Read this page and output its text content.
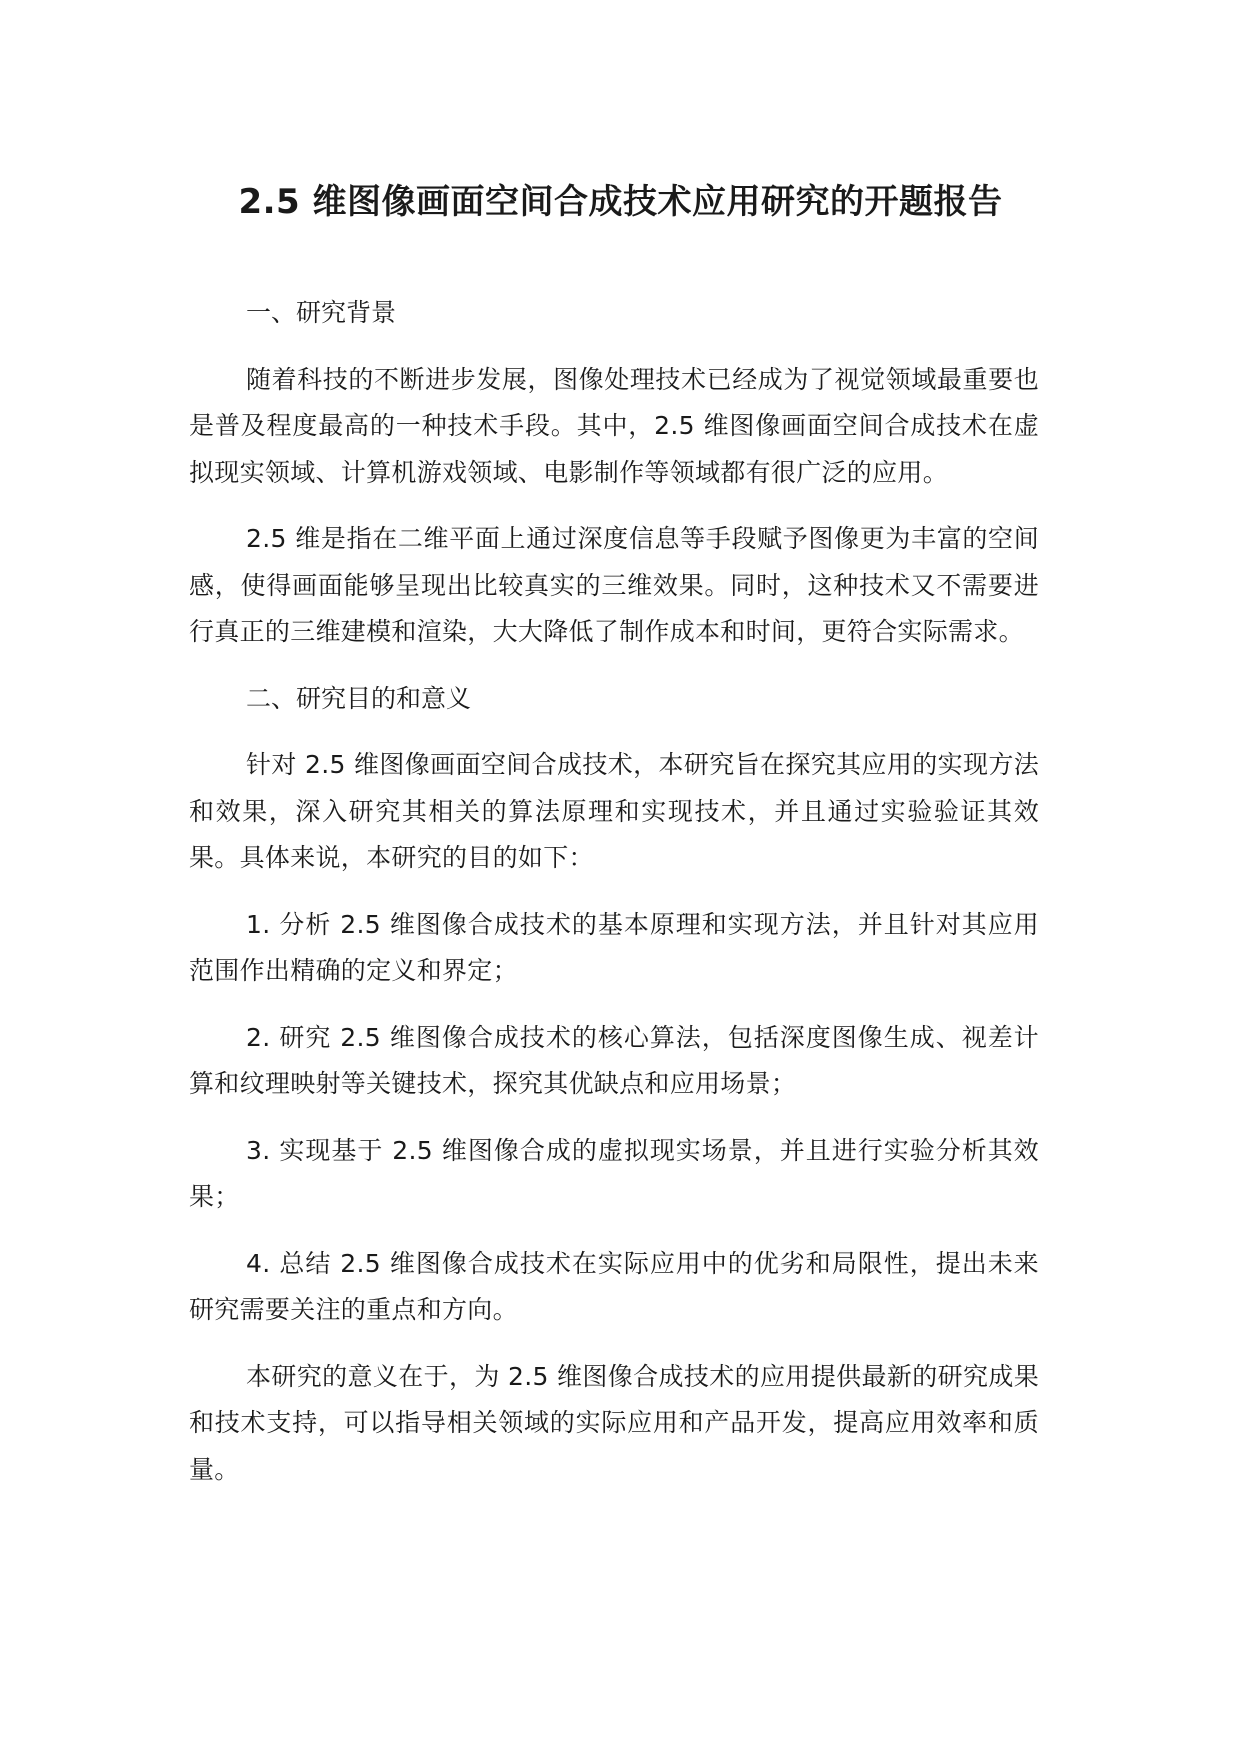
2.5 维图像画面空间合成技术应用研究的开题报告

一、研究背景

随着科技的不断进步发展，图像处理技术已经成为了视觉领域最重要也是普及程度最高的一种技术手段。其中，2.5 维图像画面空间合成技术在虚拟现实领域、计算机游戏领域、电影制作等领域都有很广泛的应用。

2.5 维是指在二维平面上通过深度信息等手段赋予图像更为丰富的空间感，使得画面能够呈现出比较真实的三维效果。同时，这种技术又不需要进行真正的三维建模和渲染，大大降低了制作成本和时间，更符合实际需求。

二、研究目的和意义

针对 2.5 维图像画面空间合成技术，本研究旨在探究其应用的实现方法和效果，深入研究其相关的算法原理和实现技术，并且通过实验验证其效果。具体来说，本研究的目的如下：

1. 分析 2.5 维图像合成技术的基本原理和实现方法，并且针对其应用范围作出精确的定义和界定；

2. 研究 2.5 维图像合成技术的核心算法，包括深度图像生成、视差计算和纹理映射等关键技术，探究其优缺点和应用场景；

3. 实现基于 2.5 维图像合成的虚拟现实场景，并且进行实验分析其效果；

4. 总结 2.5 维图像合成技术在实际应用中的优劣和局限性，提出未来研究需要关注的重点和方向。

本研究的意义在于，为 2.5 维图像合成技术的应用提供最新的研究成果和技术支持，可以指导相关领域的实际应用和产品开发，提高应用效率和质量。
